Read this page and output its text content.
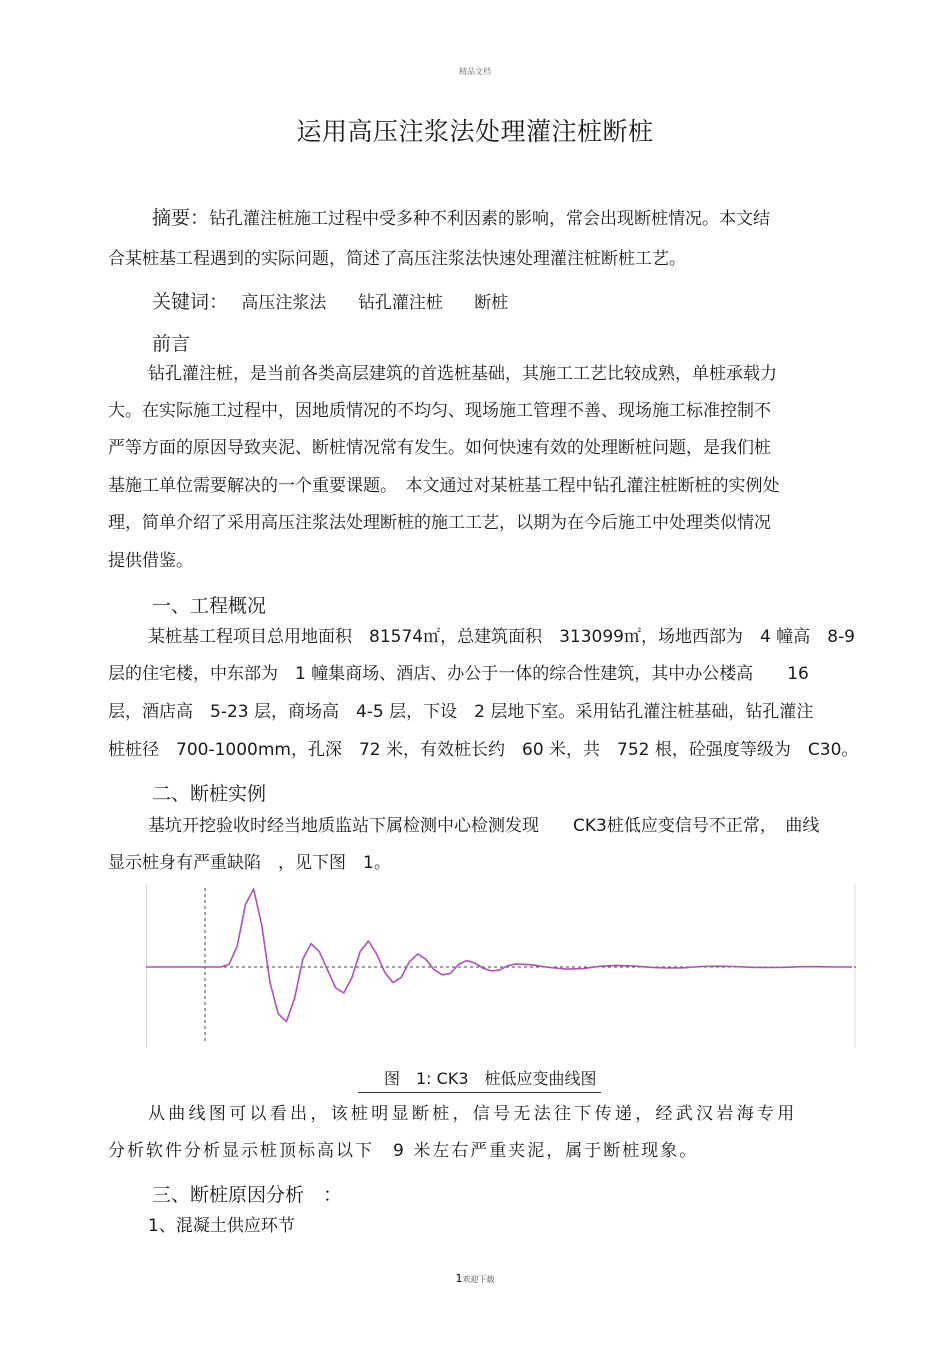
精品文档
运用高压注浆法处理灌注桩断桩
摘要：钻孔灌注桩施工过程中受多种不利因素的影响，常会出现断桩情况。本文结
合某桩基工程遇到的实际问题，简述了高压注浆法快速处理灌注桩断桩工艺。
关键词： 高压注浆法 钻孔灌注桩 断桩
前言
钻孔灌注桩，是当前各类高层建筑的首选桩基础，其施工工艺比较成熟，单桩承载力
大。在实际施工过程中，因地质情况的不均匀、现场施工管理不善、现场施工标准控制不
严等方面的原因导致夹泥、断桩情况常有发生。如何快速有效的处理断桩问题，是我们桩
基施工单位需要解决的一个重要课题。　本文通过对某桩基工程中钻孔灌注桩断桩的实例处
理，简单介绍了采用高压注浆法处理断桩的施工工艺，以期为在今后施工中处理类似情况
提供借鉴。
一、工程概况
某桩基工程项目总用地面积　81574㎡，总建筑面积　313099㎡，场地西部为　4 幢高　8-9
层的住宅楼，中东部为　1 幢集商场、酒店、办公于一体的综合性建筑，其中办公楼高　　16
层，酒店高　5-23 层，商场高　4-5 层，下设　2 层地下室。采用钻孔灌注桩基础，钻孔灌注
桩桩径　700-1000mm，孔深　72 米，有效桩长约　60 米，共　752 根，砼强度等级为　C30。
二、断桩实例
基坑开挖验收时经当地质监站下属检测中心检测发现　　CK3桩低应变信号不正常，　曲线
显示桩身有严重缺陷　，见下图　1。
图　1: CK3　桩低应变曲线图
从曲线图可以看出，该桩明显断桩，信号无法往下传递，经武汉岩海专用
分析软件分析显示桩顶标高以下　9 米左右严重夹泥，属于断桩现象。
三、断桩原因分析　：
1、混凝土供应环节
1欢迎下载
